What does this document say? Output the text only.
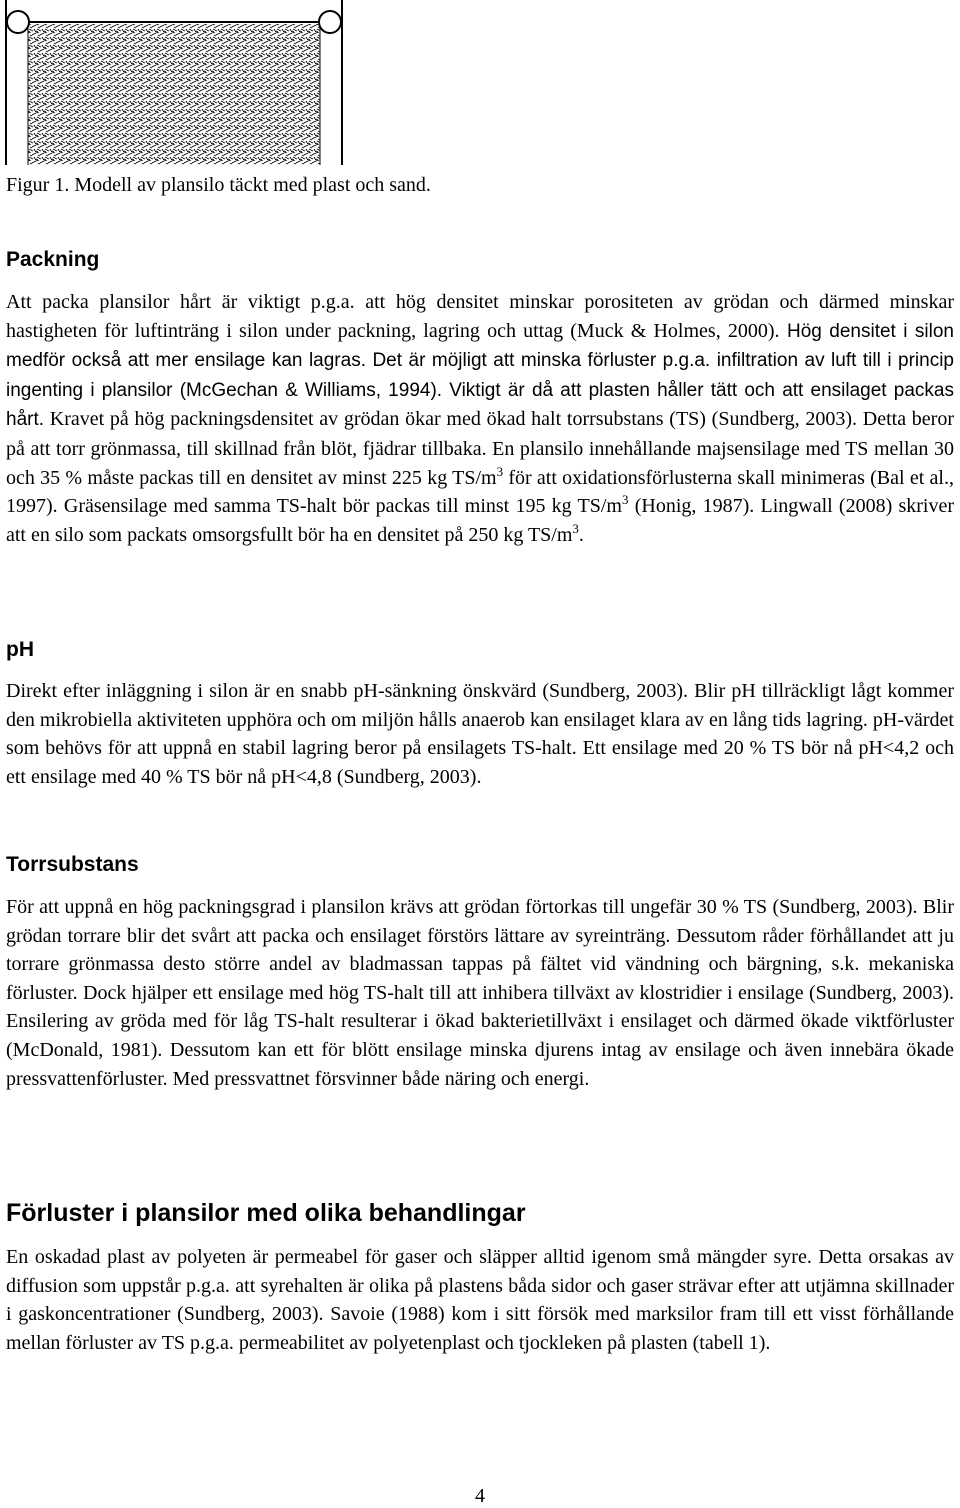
Figur 1. Modell av plansilo täckt med plast och sand.
Packning

Att packa plansilor hårt är viktigt p.g.a. att hög densitet minskar porositeten av grödan och därmed minskar hastigheten för luftinträng i silon under packning, lagring och uttag (Muck & Holmes, 2000). Hög densitet i silon medför också att mer ensilage kan lagras. Det är möjligt att minska förluster p.g.a. infiltration av luft till i princip ingenting i plansilor (McGechan & Williams, 1994). Viktigt är då att plasten håller tätt och att ensilaget packas hårt. Kravet på hög packningsdensitet av grödan ökar med ökad halt torrsubstans (TS) (Sundberg, 2003). Detta beror på att torr grönmassa, till skillnad från blöt, fjädrar tillbaka. En plansilo innehållande majsensilage med TS mellan 30 och 35 % måste packas till en densitet av minst 225 kg $TS/m^3$ för att oxidationsförlusterna skall minimeras (Bal et al., 1997). Gräsensilage med samma TS-halt bör packas till minst 195 kg $TS/m^3$ (Honig, 1987). Lingwall (2008) skriver att en silo som packats omsorgsfullt bör ha en densitet på 250 kg $TS/m^3$.

pH

Direkt efter inläggning i silon är en snabb pH-sänkning önskvärd (Sundberg, 2003). Blir pH tillräckligt lågt kommer den mikrobiella aktiviteten upphöra och om miljön hålls anaerob kan ensilaget klara av en lång tids lagring. pH-värdet som behövs för att uppnå en stabil lagring beror på ensilagets TS-halt. Ett ensilage med 20 % TS bör nå pH<4,2 och ett ensilage med 40 % TS bör nå pH<4,8 (Sundberg, 2003).

Torrsubstans

För att uppnå en hög packningsgrad i plansilon krävs att grödan förtorkas till ungefär 30 % TS (Sundberg, 2003). Blir grödan torrare blir det svårt att packa och ensilaget förstörs lättare av syreinträng. Dessutom råder förhållandet att ju torrare grönmassa desto större andel av bladmassan tappas på fältet vid vändning och bärgning, s.k. mekaniska förluster. Dock hjälper ett ensilage med hög TS-halt till att inhibera tillväxt av klostridier i ensilage (Sundberg, 2003). Ensilering av gröda med för låg TS-halt resulterar i ökad bakterietillväxt i ensilaget och därmed ökade viktförluster (McDonald, 1981). Dessutom kan ett för blött ensilage minska djurens intag av ensilage och även innebära ökade pressvattenförluster. Med pressvattnet försvinner både näring och energi.

Förluster i plansilor med olika behandlingar

En oskadad plast av polyeten är permeabel för gaser och släpper alltid igenom små mängder syre. Detta orsakas av diffusion som uppstår p.g.a. att syrehalten är olika på plastens båda sidor och gaser strävar efter att utjämna skillnader i gaskoncentrationer (Sundberg, 2003). Savoie (1988) kom i sitt försök med marksilor fram till ett visst förhållande mellan förluster av TS p.g.a. permeabilitet av polyetenplast och tjockleken på plasten (tabell 1).

4
